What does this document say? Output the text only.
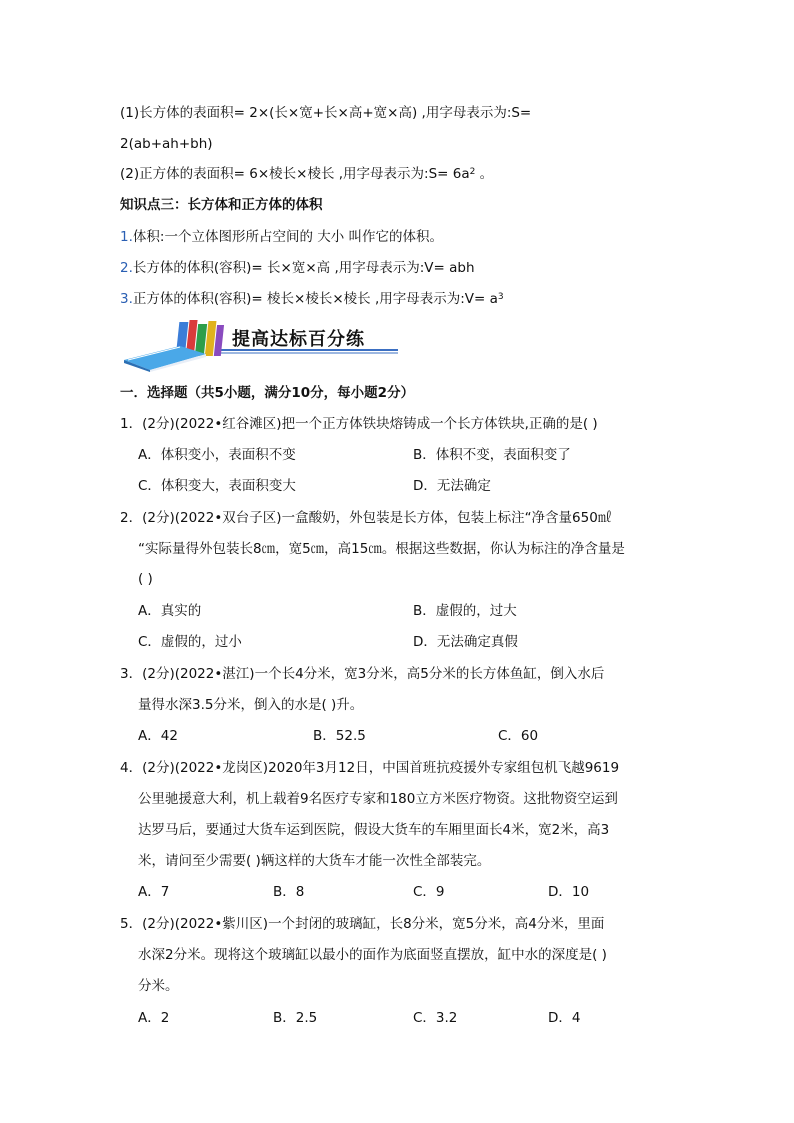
(1)长方体的表面积= 2×(长×宽+长×高+宽×高) ,用字母表示为:S=
2(ab+ah+bh)
(2)正方体的表面积= 6×棱长×棱长 ,用字母表示为:S= $6a^2$ 。
知识点三：长方体和正方体的体积
1.体积:一个立体图形所占空间的 大小 叫作它的体积。
2.长方体的体积(容积)= 长×宽×高 ,用字母表示为:V= abh
3.正方体的体积(容积)= 棱长×棱长×棱长 ,用字母表示为:V= $a^3$
提高达标百分练
一．选择题（共5小题，满分10分，每小题2分）
1．(2分)(2022•红谷滩区)把一个正方体铁块熔铸成一个长方体铁块,正确的是( )
A．体积变小，表面积不变	B．体积不变，表面积变了
C．体积变大，表面积变大	D．无法确定
2．(2分)(2022•双台子区)一盒酸奶，外包装是长方体，包装上标注“净含量650㎖
“实际量得外包装长8㎝，宽5㎝，高15㎝。根据这些数据，你认为标注的净含量是
( )
A．真实的	B．虚假的，过大
C．虚假的，过小	D．无法确定真假
3．(2分)(2022•湛江)一个长4分米，宽3分米，高5分米的长方体鱼缸，倒入水后
量得水深3.5分米，倒入的水是( )升。
A．42	B．52.5	C．60
4．(2分)(2022•龙岗区)2020年3月12日，中国首班抗疫援外专家组包机飞越9619
公里驰援意大利，机上载着9名医疗专家和180立方米医疗物资。这批物资空运到
达罗马后，要通过大货车运到医院，假设大货车的车厢里面长4米，宽2米，高3
米，请问至少需要( )辆这样的大货车才能一次性全部装完。
A．7	B．8	C．9	D．10
5．(2分)(2022•紫川区)一个封闭的玻璃缸，长8分米，宽5分米，高4分米，里面
水深2分米。现将这个玻璃缸以最小的面作为底面竖直摆放，缸中水的深度是( )
分米。
A．2	B．2.5	C．3.2	D．4
